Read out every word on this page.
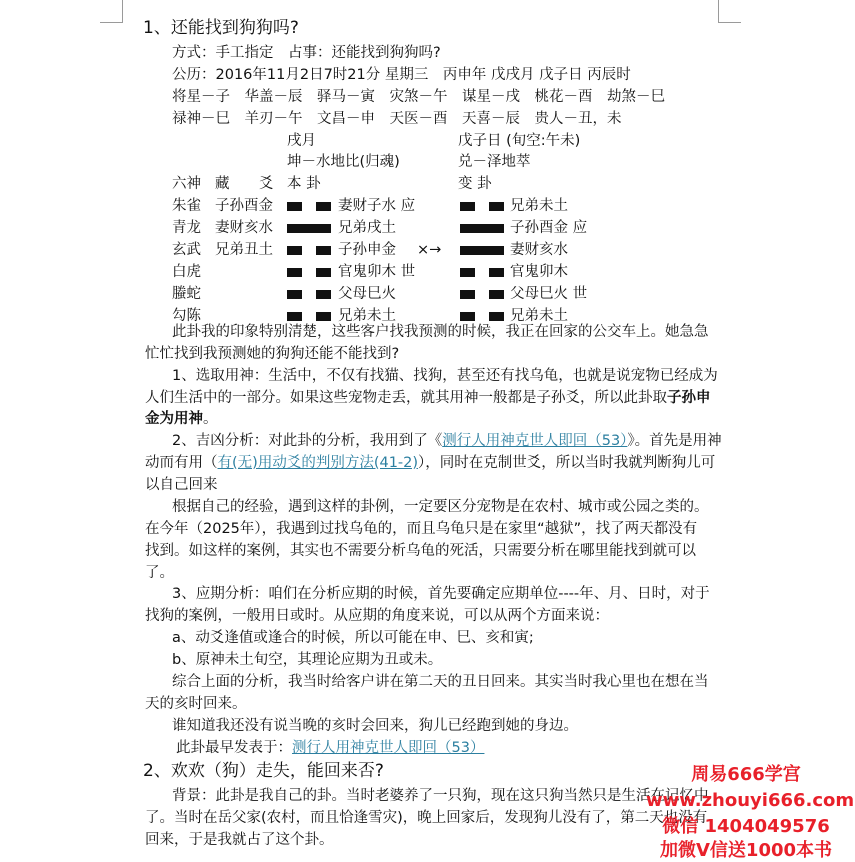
1、还能找到狗狗吗?
方式：手工指定　占事：还能找到狗狗吗?
公历：2016年11月2日7时21分 星期三　丙申年 戊戌月 戊子日 丙辰时
将星－子　华盖－辰　驿马－寅　灾煞－午　谋星－戌　桃花－酉　劫煞－巳
禄神－巳　羊刃－午　文昌－申　天医－酉　天喜－辰　贵人－丑，未
戌月	戊子日 (旬空:午未)
坤－水地比(归魂)	兑－泽地萃
六神 藏 爻 本 卦	变 卦
朱雀 子孙酉金	妻财子水 应	兄弟未土
青龙 妻财亥水	兄弟戌土	子孙酉金 应
玄武 兄弟丑土	子孙申金 ×→	妻财亥水
白虎	官鬼卯木 世	官鬼卯木
螣蛇	父母巳火	父母巳火 世
勾陈	兄弟未土	兄弟未土
此卦我的印象特别清楚，这些客户找我预测的时候，我正在回家的公交车上。她急急
忙忙找到我预测她的狗狗还能不能找到?
1、选取用神：生活中，不仅有找猫、找狗，甚至还有找乌龟，也就是说宠物已经成为
人们生活中的一部分。如果这些宠物走丢，就其用神一般都是子孙爻，所以此卦取子孙申
金为用神。
2、吉凶分析：对此卦的分析，我用到了《测行人用神克世人即回（53）》。首先是用神
动而有用（有(无)用动爻的判别方法(41-2)），同时在克制世爻，所以当时我就判断狗儿可
以自己回来
根据自己的经验，遇到这样的卦例，一定要区分宠物是在农村、城市或公园之类的。
在今年（2025年），我遇到过找乌龟的，而且乌龟只是在家里“越狱”，找了两天都没有
找到。如这样的案例，其实也不需要分析乌龟的死活，只需要分析在哪里能找到就可以
了。
3、应期分析：咱们在分析应期的时候，首先要确定应期单位----年、月、日时，对于
找狗的案例，一般用日或时。从应期的角度来说，可以从两个方面来说：
a、动爻逢值或逢合的时候，所以可能在申、巳、亥和寅;
b、原神未土旬空，其理论应期为丑或未。
综合上面的分析，我当时给客户讲在第二天的丑日回来。其实当时我心里也在想在当
天的亥时回来。
谁知道我还没有说当晚的亥时会回来，狗儿已经跑到她的身边。
此卦最早发表于：测行人用神克世人即回（53）
2、欢欢（狗）走失，能回来否?
背景：此卦是我自己的卦。当时老婆养了一只狗，现在这只狗当然只是生活在记忆中
了。当时在岳父家(农村，而且恰逢雪灾)，晚上回家后，发现狗儿没有了，第二天也没有
回来，于是我就占了这个卦。
周易666学宫
www.zhouyi666.com
微信 1404049576
加微V信送1000本书
